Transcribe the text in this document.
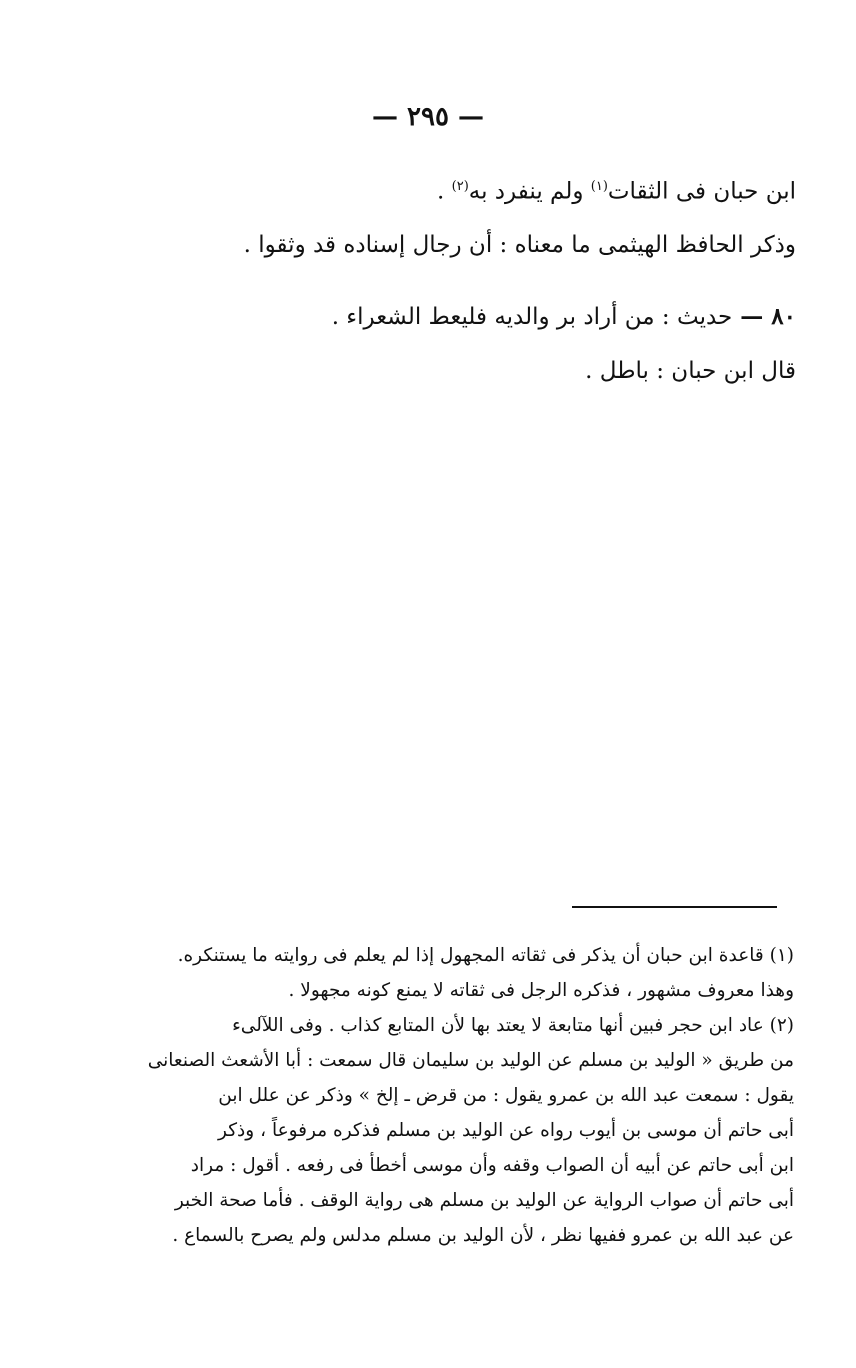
— ٢٩٥ —
ابن حبان فى الثقات$^{(١)}$ ولم ينفرد به$^{(٢)}$ .
وذكر الحافظ الهيثمى ما معناه : أن رجال إسناده قد وثقوا .
٨٠ — حديث : من أراد بر والديه فليعط الشعراء .
قال ابن حبان : باطل .
(١) قاعدة ابن حبان أن يذكر فى ثقاته المجهول إذا لم يعلم فى روايته ما يستنكره.
وهذا معروف مشهور ، فذكره الرجل فى ثقاته لا يمنع كونه مجهولا .
(٢) عاد ابن حجر فبين أنها متابعة لا يعتد بها لأن المتابع كذاب . وفى اللآلىء
من طريق « الوليد بن مسلم عن الوليد بن سليمان قال سمعت : أبا الأشعث الصنعانى
يقول : سمعت عبد الله بن عمرو يقول : من قرض ـ إلخ » وذكر عن علل ابن
أبى حاتم أن موسى بن أيوب رواه عن الوليد بن مسلم فذكره مرفوعاً ، وذكر
ابن أبى حاتم عن أبيه أن الصواب وقفه وأن موسى أخطأ فى رفعه . أقول : مراد
أبى حاتم أن صواب الرواية عن الوليد بن مسلم هى رواية الوقف . فأما صحة الخبر
عن عبد الله بن عمرو ففيها نظر ، لأن الوليد بن مسلم مدلس ولم يصرح بالسماع .
